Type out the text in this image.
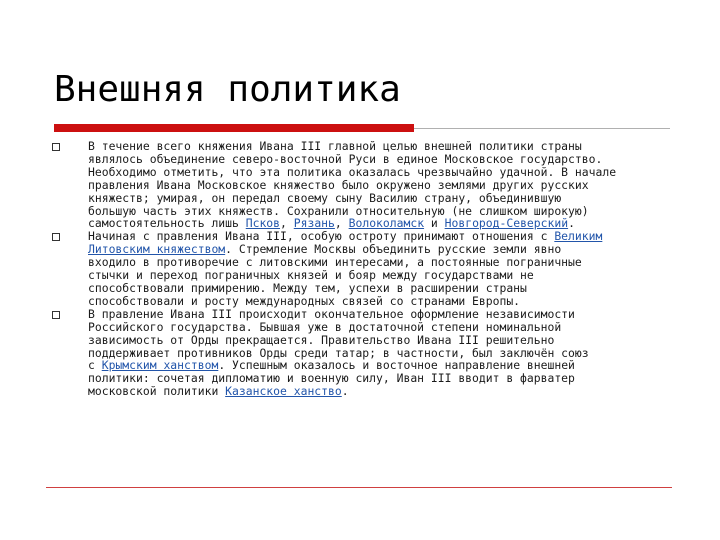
Внешняя политика
В течение всего княжения Ивана III главной целью внешней политики страны
являлось объединение северо-восточной Руси в единое Московское государство.
Необходимо отметить, что эта политика оказалась чрезвычайно удачной. В начале
правления Ивана Московское княжество было окружено землями других русских
княжеств; умирая, он передал своему сыну Василию страну, объединившую
большую часть этих княжеств. Сохранили относительную (не слишком широкую)
самостоятельность лишь Псков, Рязань, Волоколамск и Новгород-Северский.
Начиная с правления Ивана III, особую остроту принимают отношения с Великим
Литовским княжеством. Стремление Москвы объединить русские земли явно
входило в противоречие с литовскими интересами, а постоянные пограничные
стычки и переход пограничных князей и бояр между государствами не
способствовали примирению. Между тем, успехи в расширении страны
способствовали и росту международных связей со странами Европы.
В правление Ивана III происходит окончательное оформление независимости
Российского государства. Бывшая уже в достаточной степени номинальной
зависимость от Орды прекращается. Правительство Ивана III решительно
поддерживает противников Орды среди татар; в частности, был заключён союз
с Крымским ханством. Успешным оказалось и восточное направление внешней
политики: сочетая дипломатию и военную силу, Иван III вводит в фарватер
московской политики Казанское ханство.
